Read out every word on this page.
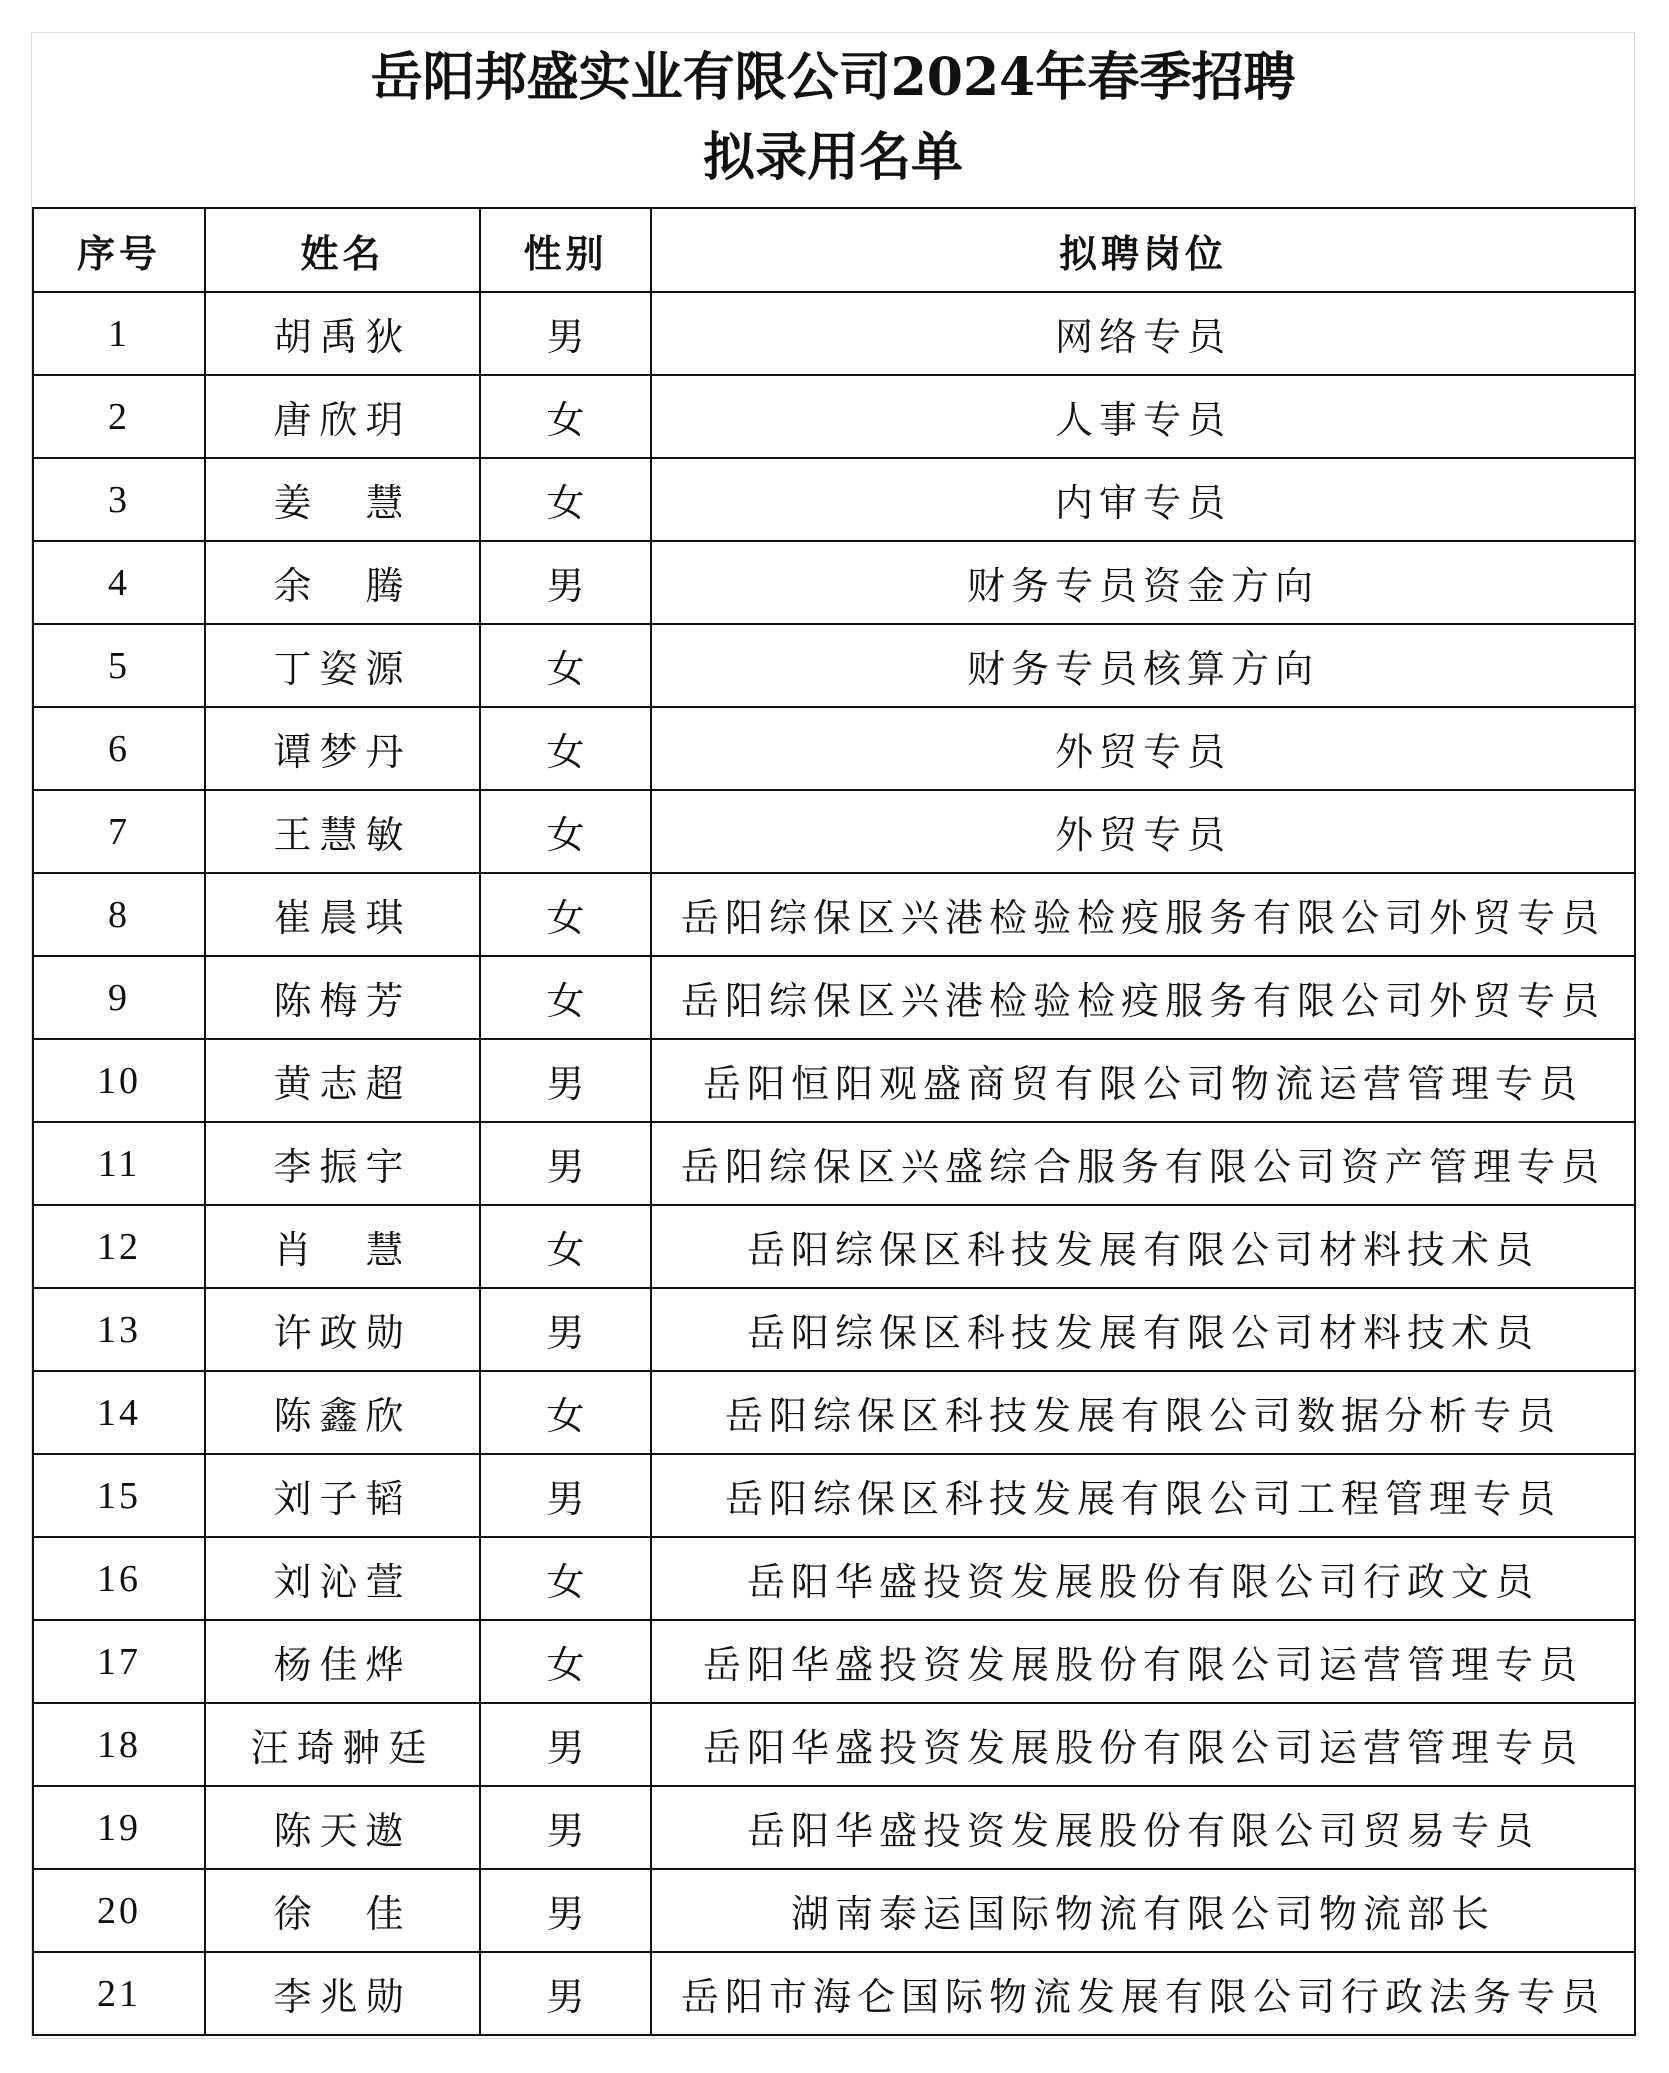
岳阳邦盛实业有限公司2024年春季招聘
拟录用名单
序号	姓名	性别	拟聘岗位
1	胡禹狄	男	网络专员
2	唐欣玥	女	人事专员
3	姜　慧	女	内审专员
4	余　腾	男	财务专员资金方向
5	丁姿源	女	财务专员核算方向
6	谭梦丹	女	外贸专员
7	王慧敏	女	外贸专员
8	崔晨琪	女	岳阳综保区兴港检验检疫服务有限公司外贸专员
9	陈梅芳	女	岳阳综保区兴港检验检疫服务有限公司外贸专员
10	黄志超	男	岳阳恒阳观盛商贸有限公司物流运营管理专员
11	李振宇	男	岳阳综保区兴盛综合服务有限公司资产管理专员
12	肖　慧	女	岳阳综保区科技发展有限公司材料技术员
13	许政勋	男	岳阳综保区科技发展有限公司材料技术员
14	陈鑫欣	女	岳阳综保区科技发展有限公司数据分析专员
15	刘子韬	男	岳阳综保区科技发展有限公司工程管理专员
16	刘沁萱	女	岳阳华盛投资发展股份有限公司行政文员
17	杨佳烨	女	岳阳华盛投资发展股份有限公司运营管理专员
18	汪琦翀廷	男	岳阳华盛投资发展股份有限公司运营管理专员
19	陈天遨	男	岳阳华盛投资发展股份有限公司贸易专员
20	徐　佳	男	湖南泰运国际物流有限公司物流部长
21	李兆勋	男	岳阳市海仑国际物流发展有限公司行政法务专员
